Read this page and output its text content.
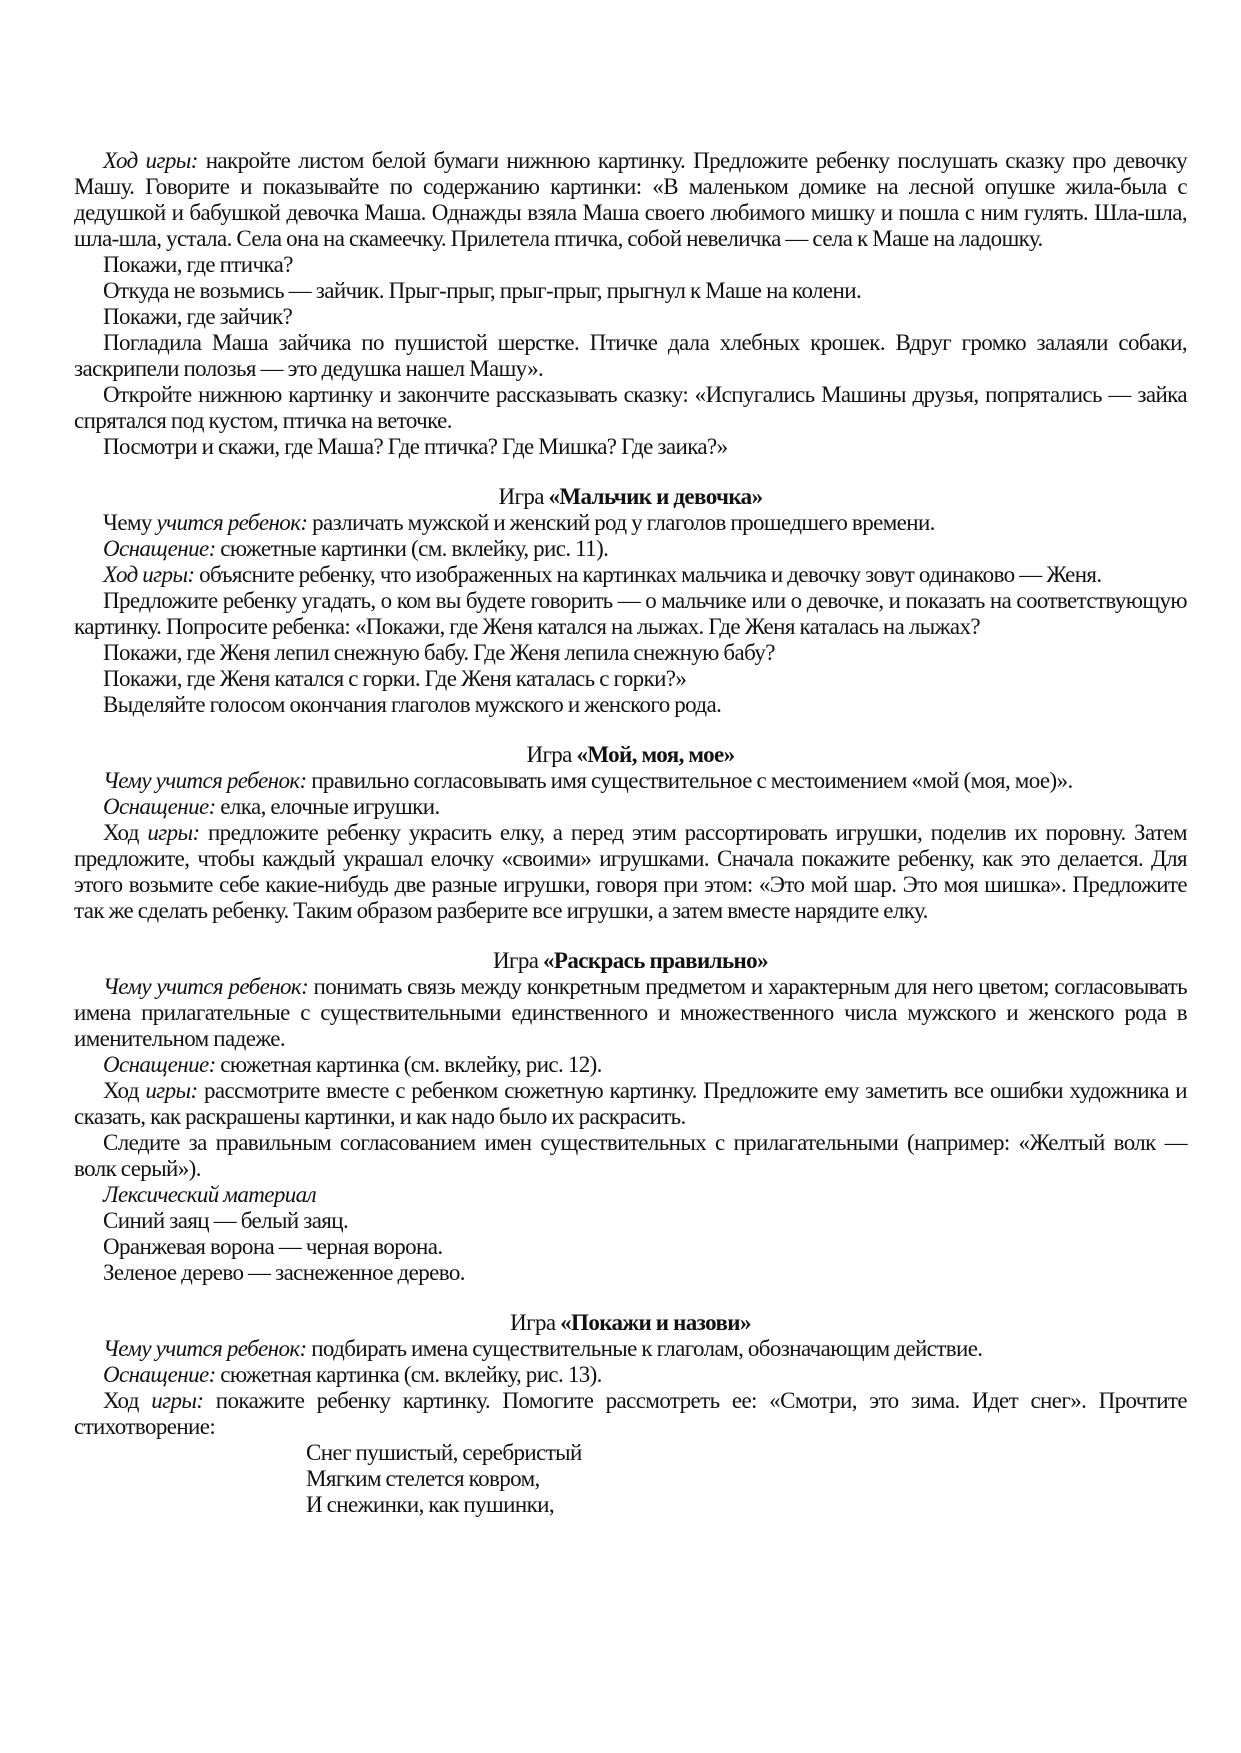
Ход игры: накройте листом белой бумаги нижнюю картинку. Предложите ребенку послушать сказку про девочку Машу. Говорите и показывайте по содержанию картинки: «В маленьком домике на лесной опушке жила-была с дедушкой и бабушкой девочка Маша. Однажды взяла Маша своего любимого мишку и пошла с ним гулять. Шла-шла, шла-шла, устала. Села она на скамеечку. Прилетела птичка, собой невеличка — села к Маше на ладошку.

Покажи, где птичка?

Откуда не возьмись — зайчик. Прыг-прыг, прыг-прыг, прыгнул к Маше на колени.

Покажи, где зайчик?

Погладила Маша зайчика по пушистой шерстке. Птичке дала хлебных крошек. Вдруг громко залаяли собаки, заскрипели полозья — это дедушка нашел Машу».

Откройте нижнюю картинку и закончите рассказывать сказку: «Испугались Машины друзья, попрятались — зайка спрятался под кустом, птичка на веточке.

Посмотри и скажи, где Маша? Где птичка? Где Мишка? Где заика?»

Игра «Мальчик и девочка»

Чему учится ребенок: различать мужской и женский род у глаголов прошедшего времени.

Оснащение: сюжетные картинки (см. вклейку, рис. 11).

Ход игры: объясните ребенку, что изображенных на картинках мальчика и девочку зовут одинаково — Женя.

Предложите ребенку угадать, о ком вы будете говорить — о мальчике или о девочке, и показать на соответствующую картинку. Попросите ребенка: «Покажи, где Женя катался на лыжах. Где Женя каталась на лыжах?

Покажи, где Женя лепил снежную бабу. Где Женя лепила снежную бабу?

Покажи, где Женя катался с горки. Где Женя каталась с горки?»

Выделяйте голосом окончания глаголов мужского и женского рода.

Игра «Мой, моя, мое»

Чему учится ребенок: правильно согласовывать имя существительное с местоимением «мой (моя, мое)».

Оснащение: елка, елочные игрушки.

Ход игры: предложите ребенку украсить елку, а перед этим рассортировать игрушки, поделив их поровну. Затем предложите, чтобы каждый украшал елочку «своими» игрушками. Сначала покажите ребенку, как это делается. Для этого возьмите себе какие-нибудь две разные игрушки, говоря при этом: «Это мой шар. Это моя шишка». Предложите так же сделать ребенку. Таким образом разберите все игрушки, а затем вместе нарядите елку.

Игра «Раскрась правильно»

Чему учится ребенок: понимать связь между конкретным предметом и характерным для него цветом; согласовывать имена прилагательные с существительными единственного и множественного числа мужского и женского рода в именительном падеже.

Оснащение: сюжетная картинка (см. вклейку, рис. 12).

Ход игры: рассмотрите вместе с ребенком сюжетную картинку. Предложите ему заметить все ошибки художника и сказать, как раскрашены картинки, и как надо было их раскрасить.

Следите за правильным согласованием имен существительных с прилагательными (например: «Желтый волк — волк серый»).

Лексический материал

Синий заяц — белый заяц.

Оранжевая ворона — черная ворона.

Зеленое дерево — заснеженное дерево.

Игра «Покажи и назови»

Чему учится ребенок: подбирать имена существительные к глаголам, обозначающим действие.

Оснащение: сюжетная картинка (см. вклейку, рис. 13).

Ход игры: покажите ребенку картинку. Помогите рассмотреть ее: «Смотри, это зима. Идет снег». Прочтите стихотворение:

Снег пушистый, серебристый

Мягким стелется ковром,

И снежинки, как пушинки,
